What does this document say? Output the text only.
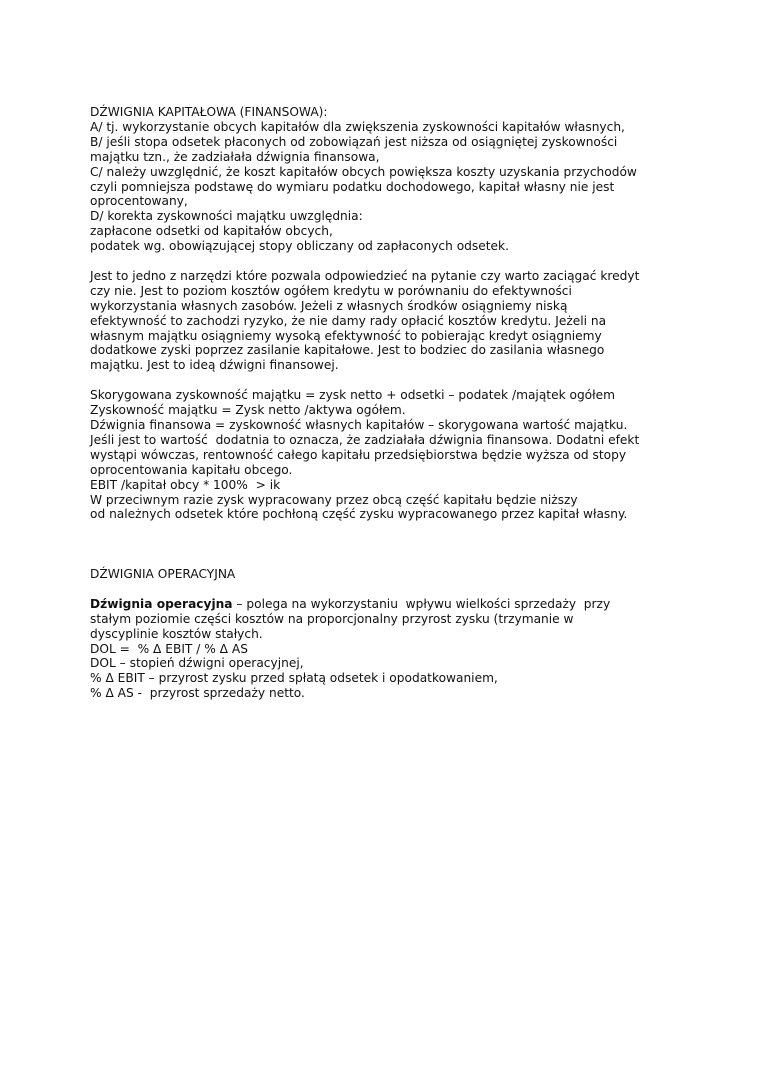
DŹWIGNIA KAPITAŁOWA (FINANSOWA):
A/ tj. wykorzystanie obcych kapitałów dla zwiększenia zyskowności kapitałów własnych,
B/ jeśli stopa odsetek płaconych od zobowiązań jest niższa od osiągniętej zyskowności
majątku tzn., że zadziałała dźwignia finansowa,
C/ należy uwzględnić, że koszt kapitałów obcych powiększa koszty uzyskania przychodów
czyli pomniejsza podstawę do wymiaru podatku dochodowego, kapitał własny nie jest
oprocentowany,
D/ korekta zyskowności majątku uwzględnia:
zapłacone odsetki od kapitałów obcych,
podatek wg. obowiązującej stopy obliczany od zapłaconych odsetek.

Jest to jedno z narzędzi które pozwala odpowiedzieć na pytanie czy warto zaciągać kredyt
czy nie. Jest to poziom kosztów ogółem kredytu w porównaniu do efektywności
wykorzystania własnych zasobów. Jeżeli z własnych środków osiągniemy niską
efektywność to zachodzi ryzyko, że nie damy rady opłacić kosztów kredytu. Jeżeli na
własnym majątku osiągniemy wysoką efektywność to pobierając kredyt osiągniemy
dodatkowe zyski poprzez zasilanie kapitałowe. Jest to bodziec do zasilania własnego
majątku. Jest to ideą dźwigni finansowej.

Skorygowana zyskowność majątku = zysk netto + odsetki – podatek /majątek ogółem
Zyskowność majątku = Zysk netto /aktywa ogółem.
Dźwignia finansowa = zyskowność własnych kapitałów – skorygowana wartość majątku.
Jeśli jest to wartość  dodatnia to oznacza, że zadziałała dźwignia finansowa. Dodatni efekt
wystąpi wówczas, rentowność całego kapitału przedsiębiorstwa będzie wyższa od stopy
oprocentowania kapitału obcego.
EBIT /kapitał obcy * 100%  > ik
W przeciwnym razie zysk wypracowany przez obcą część kapitału będzie niższy
od należnych odsetek które pochłoną część zysku wypracowanego przez kapitał własny.

DŹWIGNIA OPERACYJNA

Dźwignia operacyjna – polega na wykorzystaniu  wpływu wielkości sprzedaży  przy
stałym poziomie części kosztów na proporcjonalny przyrost zysku (trzymanie w
dyscyplinie kosztów stałych.
DOL =  % Δ EBIT / % Δ AS
DOL – stopień dźwigni operacyjnej,
% Δ EBIT – przyrost zysku przed spłatą odsetek i opodatkowaniem,
% Δ AS -  przyrost sprzedaży netto.
